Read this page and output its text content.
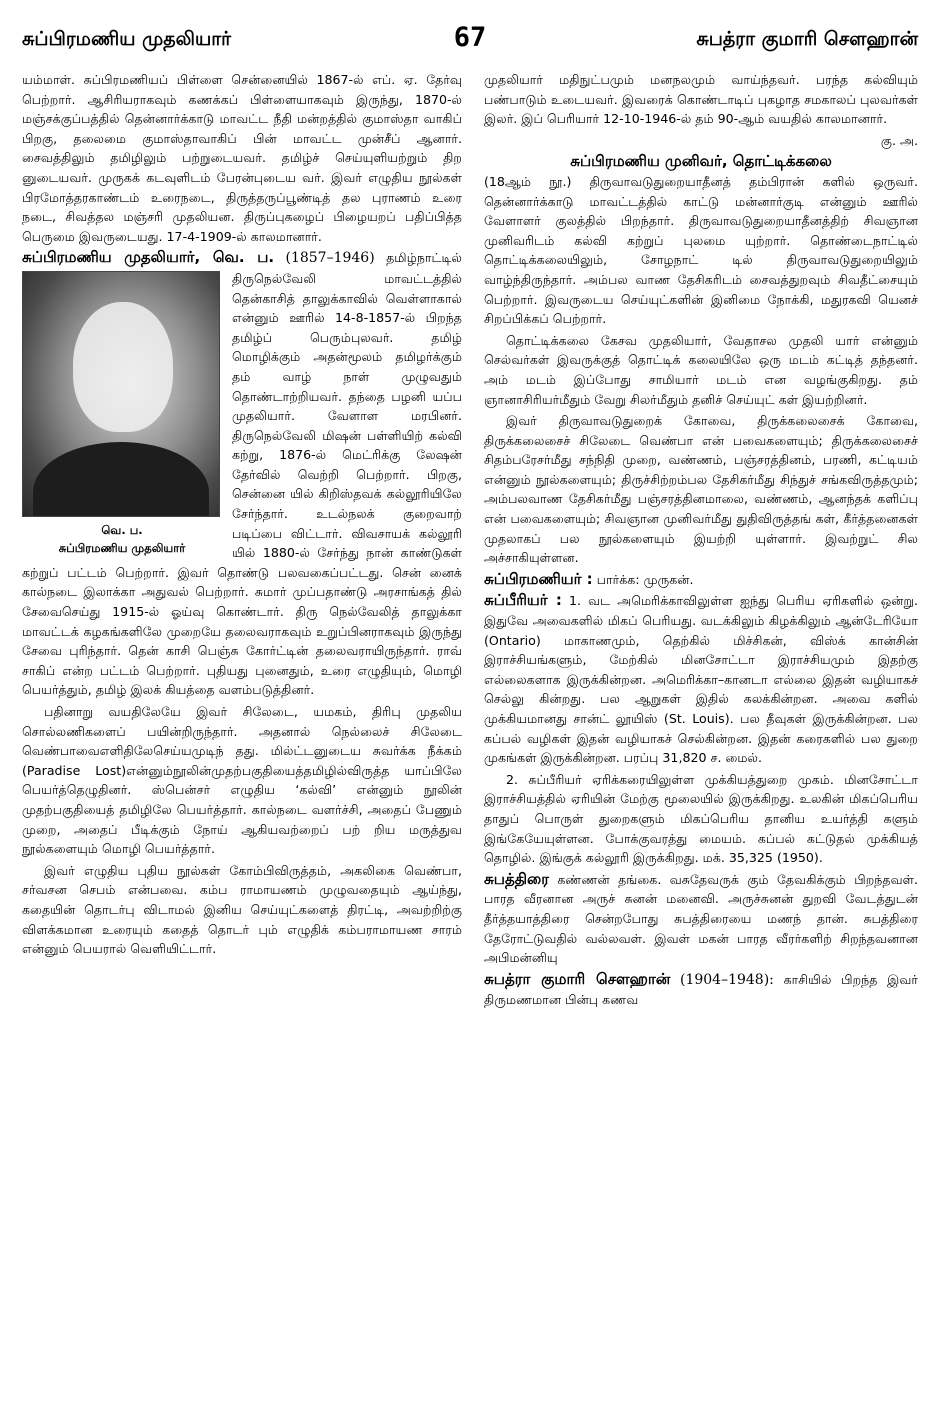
சுப்பிரமணிய முதலியார்	67	சுபத்ரா குமாரி சௌஹான்

யம்மாள். சுப்பிரமணியப் பிள்ளை சென்னையில் 1867-ல் எப். ஏ. தேர்வு பெற்றார். ஆசிரியராகவும் கணக்கப் பிள்ளையாகவும் இருந்து, 1870-ல் மஞ்சக்குப்பத்தில் தென்னார்க்காடு மாவட்ட நீதி மன்றத்தில் குமாஸ்தா வாகிப் பிறகு, தலைமை குமாஸ்தாவாகிப் பின் மாவட்ட முன்சீப் ஆனார். சைவத்திலும் தமிழிலும் பற்றுடையவர். தமிழ்ச் செய்யுளியற்றும் திற னுடையவர். முருகக் கடவுளிடம் பேரன்புடைய வர். இவர் எழுதிய நூல்கள் பிரமோத்தரகாண்டம் உரைநடை, திருத்தருப்பூண்டித் தல புராணம் உரை நடை, சிவத்தல மஞ்சரி முதலியன. திருப்புகழைப் பிழையறப் பதிப்பித்த பெருமை இவருடையது. 17-4-1909-ல் காலமானார்.

சுப்பிரமணிய முதலியார், வெ. ப. (1857–1946)
வெ. ப.
சுப்பிரமணிய முதலியார்
தமிழ்நாட்டில் திருநெல்வேலி மாவட்டத்தில் தென்காசித் தாலுக்காவில் வெள்ளாகால் என்னும் ஊரில் 14-8-1857-ல் பிறந்த தமிழ்ப் பெரும்புலவர். தமிழ் மொழிக்கும் அதன்மூலம் தமிழர்க்கும் தம் வாழ் நாள் முழுவதும் தொண்டாற்றியவர். தந்தை பழனி யப்ப முதலியார். வேளாள மரபினர். திருநெல்வேலி மிஷன் பள்ளியிற் கல்வி கற்று, 1876-ல் மெட்ரிக்கு லேஷன் தேர்வில் வெற்றி பெற்றார். பிறகு, சென்னை யில் கிறிஸ்தவக் கல்லூரியிலே சேர்ந்தார். உடல்நலக் குறைவாற் படிப்பை விட்டார். விவசாயக் கல்லூரி யில் 1880-ல் சேர்ந்து நான் காண்டுகள் கற்றுப் பட்டம் பெற்றார். இவர் தொண்டு பலவகைப்பட்டது. சென் னைக் கால்நடை இலாக்கா அதுவல் பெற்றார். சுமார் முப்பதாண்டு அரசாங்கத் தில் சேவைசெய்து 1915-ல் ஓய்வு கொண்டார். திரு நெல்வேலித் தாலுக்கா மாவட்டக் கழகங்களிலே முறையே தலைவராகவும் உறுப்பினராகவும் இருந்து சேவை புரிந்தார். தென் காசி பெஞ்சு கோர்ட்டின் தலைவராயிருந்தார். ராவ் சாகிப் என்ற பட்டம் பெற்றார். புதியது புனைதும், உரை எழுதியும், மொழி பெயர்த்தும், தமிழ் இலக் கியத்தை வளம்படுத்தினர்.

பதினாறு வயதிலேயே இவர் சிலேடை, யமகம், திரிபு முதலிய சொல்லணிகளைப் பயின்றிருந்தார். அதனால் நெல்லைச் சிலேடை வெண்பாவைஎளிதிலேசெய்யமுடிந் தது. மில்ட்டனுடைய சுவர்க்க நீக்கம் (Paradise Lost)என்னும்நூலின்முதற்பகுதியைத்தமிழில்விருத்த யாப்பிலே பெயர்த்தெழுதினர். ஸ்பென்சர் எழுதிய ‘கல்வி’ என்னும் நூலின் முதற்பகுதியைத் தமிழிலே பெயர்த்தார். கால்நடை வளர்ச்சி, அதைப் பேணும் முறை, அதைப் பீடிக்கும் நோய் ஆகியவற்றைப் பற் றிய மருத்துவ நூல்களையும் மொழி பெயர்த்தார்.

இவர் எழுதிய புதிய நூல்கள் கோம்பிவிருத்தம், அகலிகை வெண்பா, சர்வசன செபம் என்பவை. கம்ப ராமாயணம் முழுவதையும் ஆய்ந்து, கதையின் தொடர்பு விடாமல் இனிய செய்யுட்களைத் திரட்டி, அவற்றிற்கு விளக்கமான உரையும் கதைத் தொடர் பும் எழுதிக் கம்பராமாயண சாரம் என்னும் பெயரால் வெளியிட்டார்.

முதலியார் மதிநுட்பமும் மனநலமும் வாய்ந்தவர். பரந்த கல்வியும் பண்பாடும் உடையவர். இவரைக் கொண்டாடிப் புகழாத சமகாலப் புலவர்கள் இலர். இப் பெரியார் 12-10-1946-ல் தம் 90-ஆம் வயதில் காலமானார்.

கு. அ.

சுப்பிரமணிய முனிவர், தொட்டிக்கலை
(18ஆம் நூ.) திருவாவடுதுறையாதீனத் தம்பிரான் களில் ஒருவர். தென்னார்க்காடு மாவட்டத்தில் காட்டு மன்னார்குடி என்னும் ஊரில் வேளாளர் குலத்தில் பிறந்தார். திருவாவடுதுறையாதீனத்திற் சிவஞான முனிவரிடம் கல்வி கற்றுப் புலமை யுற்றார். தொண்டைநாட்டில் தொட்டிக்கலையிலும், சோழநாட் டில் திருவாவடுதுறையிலும் வாழ்ந்திருந்தார். அம்பல வாண தேசிகரிடம் சைவத்துறவும் சிவதீட்சையும் பெற்றார். இவருடைய செய்யுட்களின் இனிமை நோக்கி, மதுரகவி யெனச் சிறப்பிக்கப் பெற்றார்.

தொட்டிக்கலை கேசவ முதலியார், வேதாசல முதலி யார் என்னும் செல்வர்கள் இவருக்குத் தொட்டிக் கலையிலே ஒரு மடம் கட்டித் தந்தனர். அம் மடம் இப்போது சாமியார் மடம் என வழங்குகிறது. தம் ஞானாசிரியர்மீதும் வேறு சிலர்மீதும் தனிச் செய்யுட் கள் இயற்றினர்.

இவர் திருவாவடுதுறைக் கோவை, திருக்கலைசைக் கோவை, திருக்கலைசைச் சிலேடை வெண்பா என் பவைகளையும்; திருக்கலைசைச் சிதம்பரேசர்மீது சந்நிதி முறை, வண்ணம், பஞ்சரத்தினம், பரணி, கட்டியம் என்னும் நூல்களையும்; திருச்சிற்றம்பல தேசிகர்மீது சிந்துச் சங்கவிருத்தமும்; அம்பலவாண தேசிகர்மீது பஞ்சரத்தினமாலை, வண்ணம், ஆனந்தக் களிப்பு என் பவைகளையும்; சிவஞான முனிவர்மீது துதிவிருத்தங் கள், கீர்த்தனைகள் முதலாகப் பல நூல்களையும் இயற்றி யுள்ளார். இவற்றுட் சில அச்சாகியுள்ளன.

சுப்பிரமணியர் : பார்க்க: முருகன்.

சுப்பீரியர் : 1. வட அமெரிக்காவிலுள்ள ஐந்து பெரிய ஏரிகளில் ஒன்று. இதுவே அவைகளில் மிகப் பெரியது. வடக்கிலும் கிழக்கிலும் ஆன்டேரியோ (Ontario) மாகாணமும், தெற்கில் மிச்சிகன், விஸ்க் கான்சின் இராச்சியங்களும், மேற்கில் மினசோட்டா இராச்சியமும் இதற்கு எல்லைகளாக இருக்கின்றன. அமெரிக்கா–கானடா எல்லை இதன் வழியாகச் செல்லு கின்றது. பல ஆறுகள் இதில் கலக்கின்றன. அவை களில் முக்கியமானது சான்ட் லூயிஸ் (St. Louis). பல தீவுகள் இருக்கின்றன. பல கப்பல் வழிகள் இதன் வழியாகச் செல்கின்றன. இதன் கரைகளில் பல துறை முகங்கள் இருக்கின்றன. பரப்பு 31,820 ச. மைல்.

2. சுப்பீரியர் ஏரிக்கரையிலுள்ள முக்கியத்துறை முகம். மினசோட்டா இராச்சியத்தில் ஏரியின் மேற்கு மூலையில் இருக்கிறது. உலகின் மிகப்பெரிய தாதுப் பொருள் துறைகளும் மிகப்பெரிய தானிய உயர்த்தி களும் இங்கேயேயுள்ளன. போக்குவரத்து மையம். கப்பல் கட்டுதல் முக்கியத் தொழில். இங்குக் கல்லூரி இருக்கிறது. மக். 35,325 (1950).

சுபத்திரை கண்ணன் தங்கை. வசுதேவருக் கும் தேவகிக்கும் பிறந்தவள். பாரத வீரனான அருச் சுனன் மனைவி. அருச்சுனன் துறவி வேடத்துடன் தீர்த்தயாத்திரை சென்றபோது சுபத்திரையை மணந் தான். சுபத்திரை தேரோட்டுவதில் வல்லவள். இவள் மகன் பாரத வீரர்களிற் சிறந்தவனான அபிமன்னியு

சுபத்ரா குமாரி சௌஹான் (1904–1948): காசியில் பிறந்த இவர் திருமணமான பின்பு கணவ
